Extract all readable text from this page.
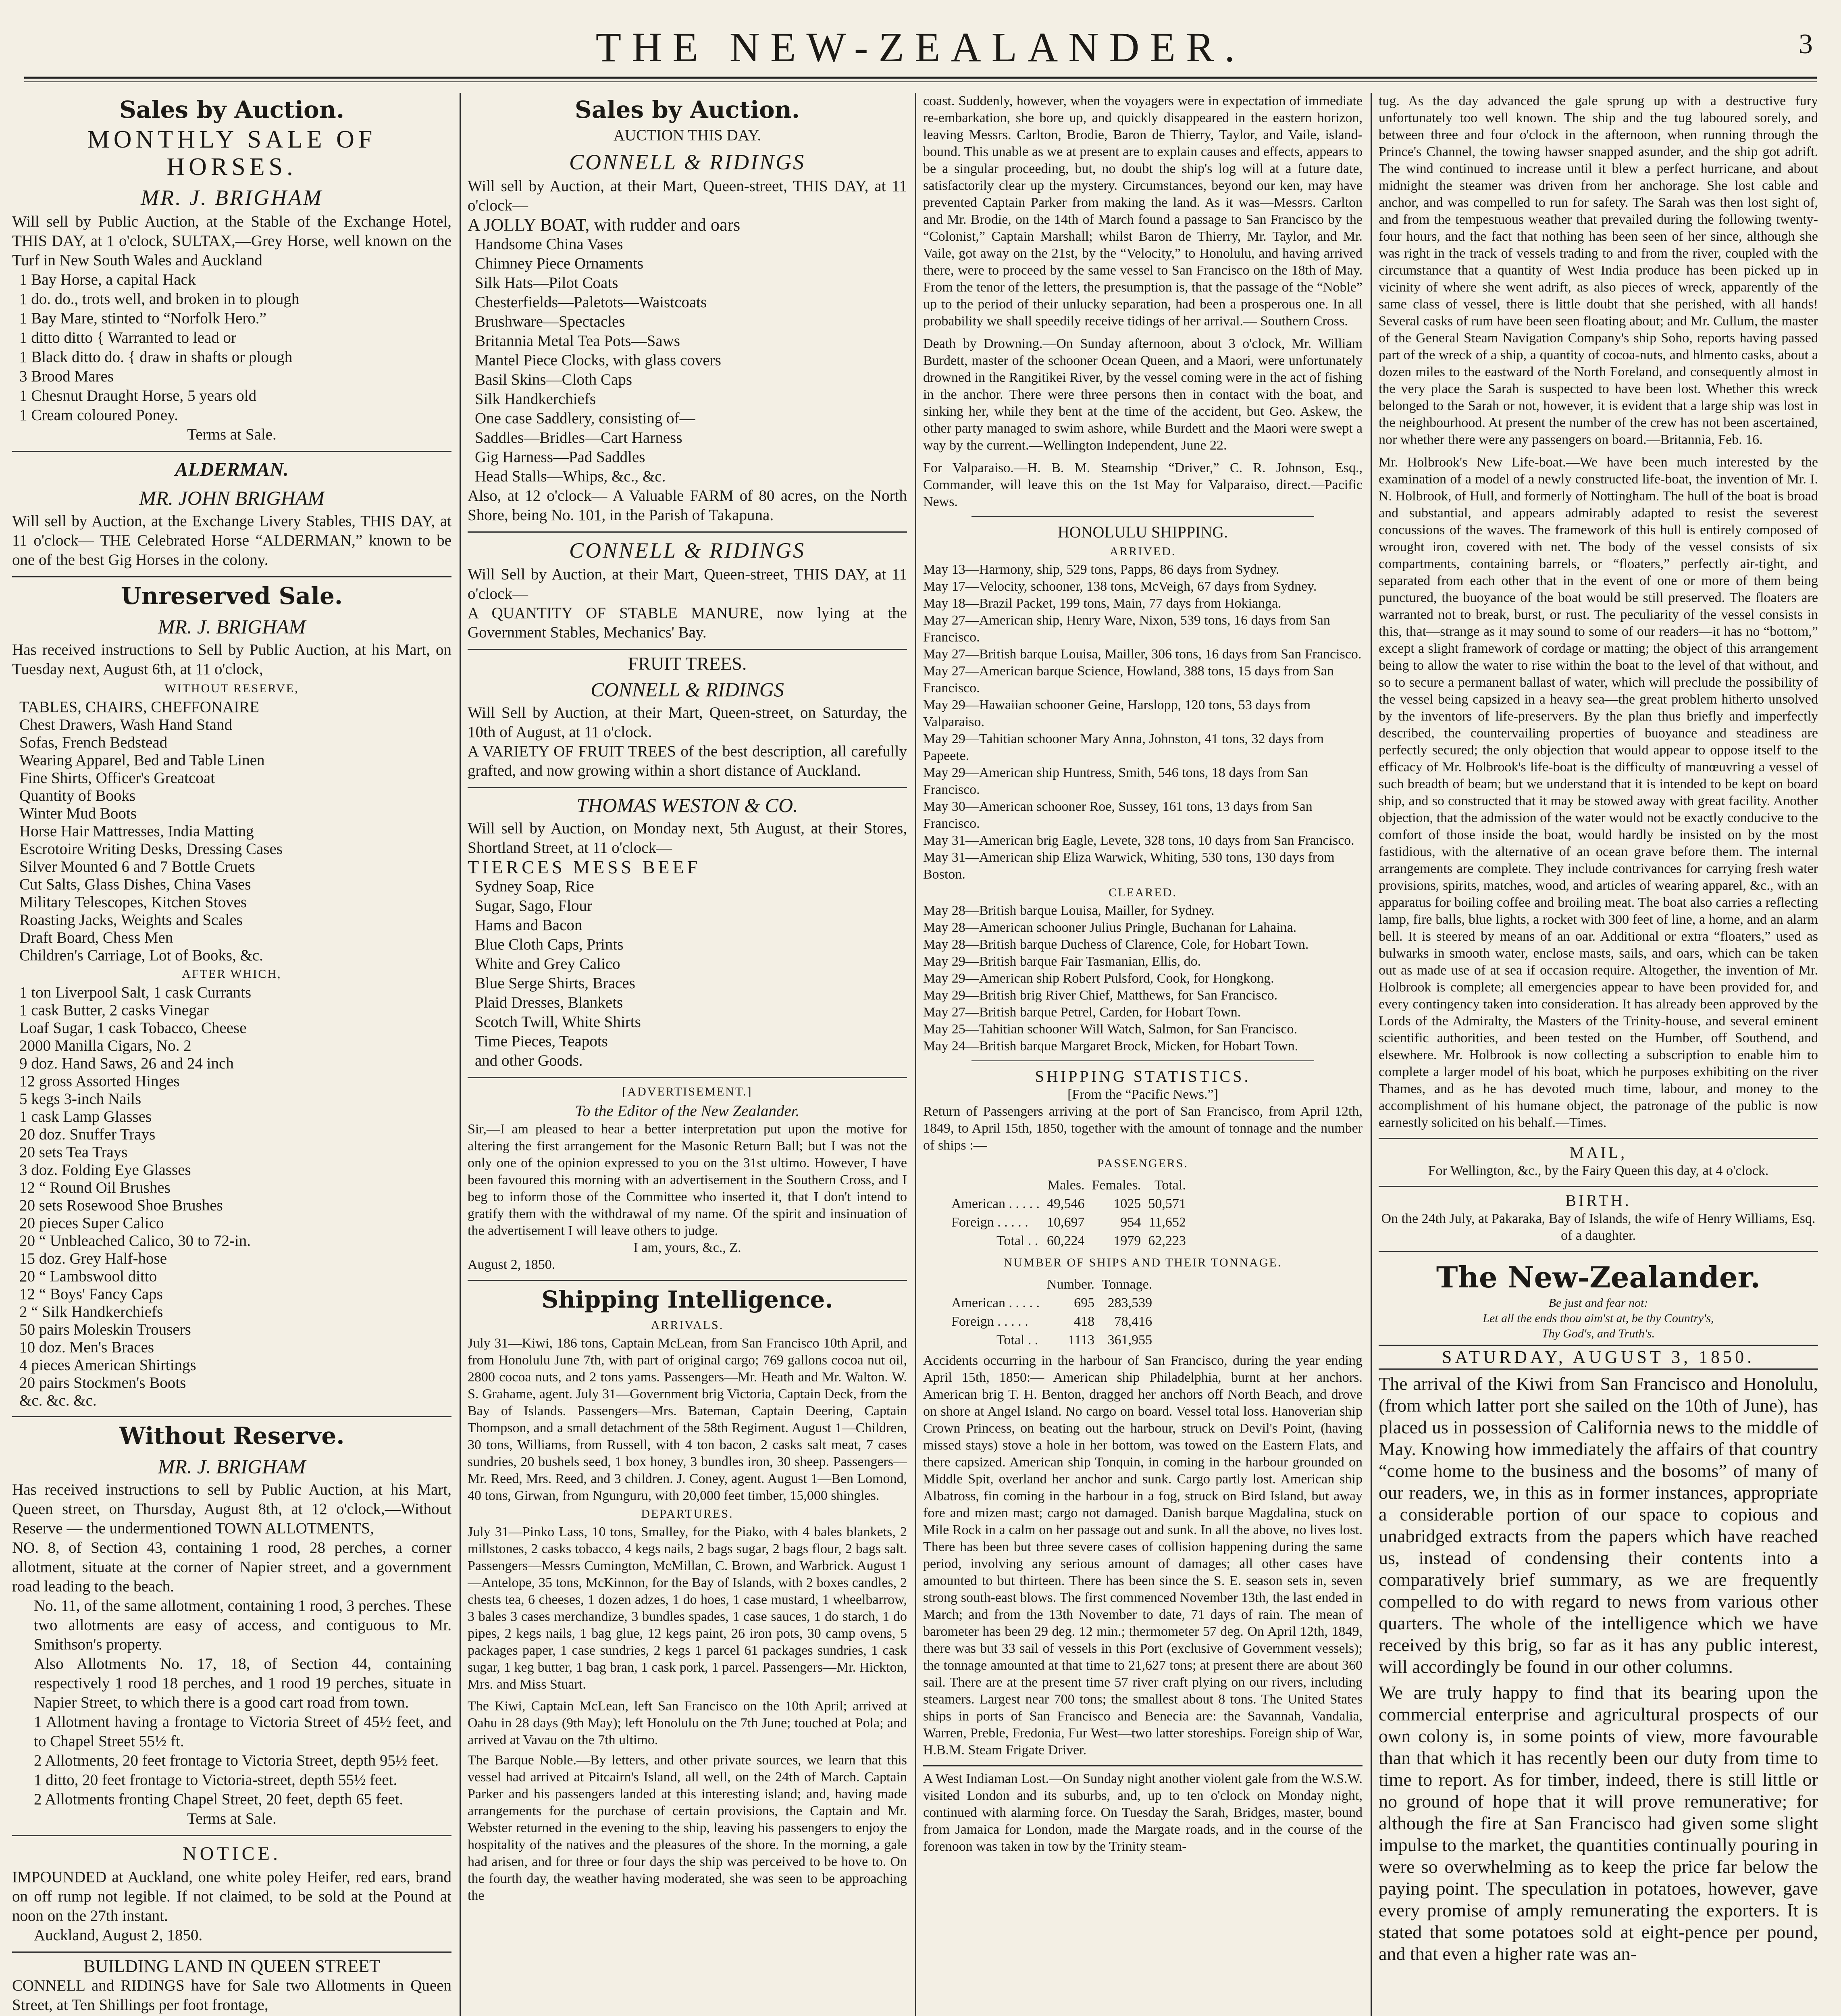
THE NEW-ZEALANDER.	3
Sales by Auction.
MONTHLY SALE OF
HORSES.
MR. J. BRIGHAM

Will sell by Public Auction, at the Stable of the Exchange Hotel, THIS DAY, at 1 o'clock, SULTAX,—Grey Horse, well known on the Turf in New South Wales and Auckland

1 Bay Horse, a capital Hack
1 do. do., trots well, and broken in to plough
1 Bay Mare, stinted to “Norfolk Hero.”
1 ditto ditto { Warranted to lead or
1 Black ditto do. { draw in shafts or plough
3 Brood Mares
1 Chesnut Draught Horse, 5 years old
1 Cream coloured Poney.
Terms at Sale.
ALDERMAN.
MR. JOHN BRIGHAM

Will sell by Auction, at the Exchange Livery Stables, THIS DAY, at 11 o'clock— THE Celebrated Horse “ALDERMAN,” known to be one of the best Gig Horses in the colony.

Unreserved Sale.
MR. J. BRIGHAM

Has received instructions to Sell by Public Auction, at his Mart, on Tuesday next, August 6th, at 11 o'clock,

WITHOUT RESERVE,
TABLES, CHAIRS, CHEFFONAIRE
Chest Drawers, Wash Hand Stand
Sofas, French Bedstead
Wearing Apparel, Bed and Table Linen
Fine Shirts, Officer's Greatcoat
Quantity of Books
Winter Mud Boots
Horse Hair Mattresses, India Matting
Escrotoire Writing Desks, Dressing Cases
Silver Mounted 6 and 7 Bottle Cruets
Cut Salts, Glass Dishes, China Vases
Military Telescopes, Kitchen Stoves
Roasting Jacks, Weights and Scales
Draft Board, Chess Men
Children's Carriage, Lot of Books, &c.
AFTER WHICH,
1 ton Liverpool Salt, 1 cask Currants
1 cask Butter, 2 casks Vinegar
Loaf Sugar, 1 cask Tobacco, Cheese
2000 Manilla Cigars, No. 2
9 doz. Hand Saws, 26 and 24 inch
12 gross Assorted Hinges
5 kegs 3-inch Nails
1 cask Lamp Glasses
20 doz. Snuffer Trays
20 sets Tea Trays
3 doz. Folding Eye Glasses
12 “ Round Oil Brushes
20 sets Rosewood Shoe Brushes
20 pieces Super Calico
20 “ Unbleached Calico, 30 to 72-in.
15 doz. Grey Half-hose
20 “ Lambswool ditto
12 “ Boys' Fancy Caps
2 “ Silk Handkerchiefs
50 pairs Moleskin Trousers
10 doz. Men's Braces
4 pieces American Shirtings
20 pairs Stockmen's Boots
&c. &c. &c.
Without Reserve.
MR. J. BRIGHAM

Has received instructions to sell by Public Auction, at his Mart, Queen street, on Thursday, August 8th, at 12 o'clock,—Without Reserve — the undermentioned TOWN ALLOTMENTS,

NO. 8, of Section 43, containing 1 rood, 28 perches, a corner allotment, situate at the corner of Napier street, and a government road leading to the beach.

No. 11, of the same allotment, containing 1 rood, 3 perches. These two allotments are easy of access, and contiguous to Mr. Smithson's property.

Also Allotments No. 17, 18, of Section 44, containing respectively 1 rood 18 perches, and 1 rood 19 perches, situate in Napier Street, to which there is a good cart road from town.

1 Allotment having a frontage to Victoria Street of 45½ feet, and to Chapel Street 55½ ft.

2 Allotments, 20 feet frontage to Victoria Street, depth 95½ feet.

1 ditto, 20 feet frontage to Victoria-street, depth 55½ feet.

2 Allotments fronting Chapel Street, 20 feet, depth 65 feet.

Terms at Sale.
NOTICE.

IMPOUNDED at Auckland, one white poley Heifer, red ears, brand on off rump not legible. If not claimed, to be sold at the Pound at noon on the 27th instant.

Auckland, August 2, 1850.
BUILDING LAND IN QUEEN STREET

CONNELL and RIDINGS have for Sale two Allotments in Queen Street, at Ten Shillings per foot frontage,

Sales by Auction.
AUCTION THIS DAY.
CONNELL & RIDINGS

Will sell by Auction, at their Mart, Queen-street, THIS DAY, at 11 o'clock—

A JOLLY BOAT, with rudder and oars
Handsome China Vases
Chimney Piece Ornaments
Silk Hats—Pilot Coats
Chesterfields—Paletots—Waistcoats
Brushware—Spectacles
Britannia Metal Tea Pots—Saws
Mantel Piece Clocks, with glass covers
Basil Skins—Cloth Caps
Silk Handkerchiefs
One case Saddlery, consisting of—
Saddles—Bridles—Cart Harness
Gig Harness—Pad Saddles
Head Stalls—Whips, &c., &c.

Also, at 12 o'clock— A Valuable FARM of 80 acres, on the North Shore, being No. 101, in the Parish of Takapuna.

CONNELL & RIDINGS

Will Sell by Auction, at their Mart, Queen-street, THIS DAY, at 11 o'clock—

A QUANTITY OF STABLE MANURE, now lying at the Government Stables, Mechanics' Bay.

FRUIT TREES.
CONNELL & RIDINGS

Will Sell by Auction, at their Mart, Queen-street, on Saturday, the 10th of August, at 11 o'clock.

A VARIETY OF FRUIT TREES of the best description, all carefully grafted, and now growing within a short distance of Auckland.

THOMAS WESTON & CO.

Will sell by Auction, on Monday next, 5th August, at their Stores, Shortland Street, at 11 o'clock—

TIERCES MESS BEEF
Sydney Soap, Rice
Sugar, Sago, Flour
Hams and Bacon
Blue Cloth Caps, Prints
White and Grey Calico
Blue Serge Shirts, Braces
Plaid Dresses, Blankets
Scotch Twill, White Shirts
Time Pieces, Teapots
and other Goods.
[ADVERTISEMENT.]
To the Editor of the New Zealander.

Sir,—I am pleased to hear a better interpretation put upon the motive for altering the first arrangement for the Masonic Return Ball; but I was not the only one of the opinion expressed to you on the 31st ultimo. However, I have been favoured this morning with an advertisement in the Southern Cross, and I beg to inform those of the Committee who inserted it, that I don't intend to gratify them with the withdrawal of my name. Of the spirit and insinuation of the advertisement I will leave others to judge.

I am, yours, &c., Z.
August 2, 1850.
Shipping Intelligence.
ARRIVALS.

July 31—Kiwi, 186 tons, Captain McLean, from San Francisco 10th April, and from Honolulu June 7th, with part of original cargo; 769 gallons cocoa nut oil, 2800 cocoa nuts, and 2 tons yams. Passengers—Mr. Heath and Mr. Walton. W. S. Grahame, agent. July 31—Government brig Victoria, Captain Deck, from the Bay of Islands. Passengers—Mrs. Bateman, Captain Deering, Captain Thompson, and a small detachment of the 58th Regiment. August 1—Children, 30 tons, Williams, from Russell, with 4 ton bacon, 2 casks salt meat, 7 cases sundries, 20 bushels seed, 1 box honey, 3 bundles iron, 30 sheep. Passengers—Mr. Reed, Mrs. Reed, and 3 children. J. Coney, agent. August 1—Ben Lomond, 40 tons, Girwan, from Ngunguru, with 20,000 feet timber, 15,000 shingles.

DEPARTURES.

July 31—Pinko Lass, 10 tons, Smalley, for the Piako, with 4 bales blankets, 2 millstones, 2 casks tobacco, 4 kegs nails, 2 bags sugar, 2 bags flour, 2 bags salt. Passengers—Messrs Cumington, McMillan, C. Brown, and Warbrick. August 1—Antelope, 35 tons, McKinnon, for the Bay of Islands, with 2 boxes candles, 2 chests tea, 6 cheeses, 1 dozen adzes, 1 do hoes, 1 case mustard, 1 wheelbarrow, 3 bales 3 cases merchandize, 3 bundles spades, 1 case sauces, 1 do starch, 1 do pipes, 2 kegs nails, 1 bag glue, 12 kegs paint, 26 iron pots, 30 camp ovens, 5 packages paper, 1 case sundries, 2 kegs 1 parcel 61 packages sundries, 1 cask sugar, 1 keg butter, 1 bag bran, 1 cask pork, 1 parcel. Passengers—Mr. Hickton, Mrs. and Miss Stuart.

The Kiwi, Captain McLean, left San Francisco on the 10th April; arrived at Oahu in 28 days (9th May); left Honolulu on the 7th June; touched at Pola; and arrived at Vavau on the 7th ultimo.

The Barque Noble.—By letters, and other private sources, we learn that this vessel had arrived at Pitcairn's Island, all well, on the 24th of March. Captain Parker and his passengers landed at this interesting island; and, having made arrangements for the purchase of certain provisions, the Captain and Mr. Webster returned in the evening to the ship, leaving his passengers to enjoy the hospitality of the natives and the pleasures of the shore. In the morning, a gale had arisen, and for three or four days the ship was perceived to be hove to. On the fourth day, the weather having moderated, she was seen to be approaching the

coast. Suddenly, however, when the voyagers were in expectation of immediate re-embarkation, she bore up, and quickly disappeared in the eastern horizon, leaving Messrs. Carlton, Brodie, Baron de Thierry, Taylor, and Vaile, island-bound. This unable as we at present are to explain causes and effects, appears to be a singular proceeding, but, no doubt the ship's log will at a future date, satisfactorily clear up the mystery. Circumstances, beyond our ken, may have prevented Captain Parker from making the land. As it was—Messrs. Carlton and Mr. Brodie, on the 14th of March found a passage to San Francisco by the “Colonist,” Captain Marshall; whilst Baron de Thierry, Mr. Taylor, and Mr. Vaile, got away on the 21st, by the “Velocity,” to Honolulu, and having arrived there, were to proceed by the same vessel to San Francisco on the 18th of May. From the tenor of the letters, the presumption is, that the passage of the “Noble” up to the period of their unlucky separation, had been a prosperous one. In all probability we shall speedily receive tidings of her arrival.— Southern Cross.

Death by Drowning.—On Sunday afternoon, about 3 o'clock, Mr. William Burdett, master of the schooner Ocean Queen, and a Maori, were unfortunately drowned in the Rangitikei River, by the vessel coming were in the act of fishing in the anchor. There were three persons then in contact with the boat, and sinking her, while they bent at the time of the accident, but Geo. Askew, the other party managed to swim ashore, while Burdett and the Maori were swept a way by the current.—Wellington Independent, June 22.

For Valparaiso.—H. B. M. Steamship “Driver,” C. R. Johnson, Esq., Commander, will leave this on the 1st May for Valparaiso, direct.—Pacific News.

HONOLULU SHIPPING.
ARRIVED.
May 13—Harmony, ship, 529 tons, Papps, 86 days from Sydney.
May 17—Velocity, schooner, 138 tons, McVeigh, 67 days from Sydney.
May 18—Brazil Packet, 199 tons, Main, 77 days from Hokianga.
May 27—American ship, Henry Ware, Nixon, 539 tons, 16 days from San Francisco.
May 27—British barque Louisa, Mailler, 306 tons, 16 days from San Francisco.
May 27—American barque Science, Howland, 388 tons, 15 days from San Francisco.
May 29—Hawaiian schooner Geine, Harslopp, 120 tons, 53 days from Valparaiso.
May 29—Tahitian schooner Mary Anna, Johnston, 41 tons, 32 days from Papeete.
May 29—American ship Huntress, Smith, 546 tons, 18 days from San Francisco.
May 30—American schooner Roe, Sussey, 161 tons, 13 days from San Francisco.
May 31—American brig Eagle, Levete, 328 tons, 10 days from San Francisco.
May 31—American ship Eliza Warwick, Whiting, 530 tons, 130 days from Boston.
CLEARED.
May 28—British barque Louisa, Mailler, for Sydney.
May 28—American schooner Julius Pringle, Buchanan for Lahaina.
May 28—British barque Duchess of Clarence, Cole, for Hobart Town.
May 29—British barque Fair Tasmanian, Ellis, do.
May 29—American ship Robert Pulsford, Cook, for Hongkong.
May 29—British brig River Chief, Matthews, for San Francisco.
May 27—British barque Petrel, Carden, for Hobart Town.
May 25—Tahitian schooner Will Watch, Salmon, for San Francisco.
May 24—British barque Margaret Brock, Micken, for Hobart Town.
SHIPPING STATISTICS.
[From the “Pacific News.”]

Return of Passengers arriving at the port of San Francisco, from April 12th, 1849, to April 15th, 1850, together with the amount of tonnage and the number of ships :—

PASSENGERS.
	Males.	Females.	Total.
American . . . . .	49,546	1025	50,571
Foreign . . . . .	10,697	954	11,652
Total . .	60,224	1979	62,223
NUMBER OF SHIPS AND THEIR TONNAGE.
	Number.	Tonnage.
American . . . . .	695	283,539
Foreign . . . . .	418	78,416
Total . .	1113	361,955

Accidents occurring in the harbour of San Francisco, during the year ending April 15th, 1850:— American ship Philadelphia, burnt at her anchors. American brig T. H. Benton, dragged her anchors off North Beach, and drove on shore at Angel Island. No cargo on board. Vessel total loss. Hanoverian ship Crown Princess, on beating out the harbour, struck on Devil's Point, (having missed stays) stove a hole in her bottom, was towed on the Eastern Flats, and there capsized. American ship Tonquin, in coming in the harbour grounded on Middle Spit, overland her anchor and sunk. Cargo partly lost. American ship Albatross, fin coming in the harbour in a fog, struck on Bird Island, but away fore and mizen mast; cargo not damaged. Danish barque Magdalina, stuck on Mile Rock in a calm on her passage out and sunk. In all the above, no lives lost. There has been but three severe cases of collision happening during the same period, involving any serious amount of damages; all other cases have amounted to but thirteen. There has been since the S. E. season sets in, seven strong south-east blows. The first commenced November 13th, the last ended in March; and from the 13th November to date, 71 days of rain. The mean of barometer has been 29 deg. 12 min.; thermometer 57 deg. On April 12th, 1849, there was but 33 sail of vessels in this Port (exclusive of Government vessels); the tonnage amounted at that time to 21,627 tons; at present there are about 360 sail. There are at the present time 57 river craft plying on our rivers, including steamers. Largest near 700 tons; the smallest about 8 tons. The United States ships in ports of San Francisco and Benecia are: the Savannah, Vandalia, Warren, Preble, Fredonia, Fur West—two latter storeships. Foreign ship of War, H.B.M. Steam Frigate Driver.

A West Indiaman Lost.—On Sunday night another violent gale from the W.S.W. visited London and its suburbs, and, up to ten o'clock on Monday night, continued with alarming force. On Tuesday the Sarah, Bridges, master, bound from Jamaica for London, made the Margate roads, and in the course of the forenoon was taken in tow by the Trinity steam-

tug. As the day advanced the gale sprung up with a destructive fury unfortunately too well known. The ship and the tug laboured sorely, and between three and four o'clock in the afternoon, when running through the Prince's Channel, the towing hawser snapped asunder, and the ship got adrift. The wind continued to increase until it blew a perfect hurricane, and about midnight the steamer was driven from her anchorage. She lost cable and anchor, and was compelled to run for safety. The Sarah was then lost sight of, and from the tempestuous weather that prevailed during the following twenty-four hours, and the fact that nothing has been seen of her since, although she was right in the track of vessels trading to and from the river, coupled with the circumstance that a quantity of West India produce has been picked up in vicinity of where she went adrift, as also pieces of wreck, apparently of the same class of vessel, there is little doubt that she perished, with all hands! Several casks of rum have been seen floating about; and Mr. Cullum, the master of the General Steam Navigation Company's ship Soho, reports having passed part of the wreck of a ship, a quantity of cocoa-nuts, and hlmento casks, about a dozen miles to the eastward of the North Foreland, and consequently almost in the very place the Sarah is suspected to have been lost. Whether this wreck belonged to the Sarah or not, however, it is evident that a large ship was lost in the neighbourhood. At present the number of the crew has not been ascertained, nor whether there were any passengers on board.—Britannia, Feb. 16.

Mr. Holbrook's New Life-boat.—We have been much interested by the examination of a model of a newly constructed life-boat, the invention of Mr. I. N. Holbrook, of Hull, and formerly of Nottingham. The hull of the boat is broad and substantial, and appears admirably adapted to resist the severest concussions of the waves. The framework of this hull is entirely composed of wrought iron, covered with net. The body of the vessel consists of six compartments, containing barrels, or “floaters,” perfectly air-tight, and separated from each other that in the event of one or more of them being punctured, the buoyance of the boat would be still preserved. The floaters are warranted not to break, burst, or rust. The peculiarity of the vessel consists in this, that—strange as it may sound to some of our readers—it has no “bottom,” except a slight framework of cordage or matting; the object of this arrangement being to allow the water to rise within the boat to the level of that without, and so to secure a permanent ballast of water, which will preclude the possibility of the vessel being capsized in a heavy sea—the great problem hitherto unsolved by the inventors of life-preservers. By the plan thus briefly and imperfectly described, the countervailing properties of buoyance and steadiness are perfectly secured; the only objection that would appear to oppose itself to the efficacy of Mr. Holbrook's life-boat is the difficulty of manœuvring a vessel of such breadth of beam; but we understand that it is intended to be kept on board ship, and so constructed that it may be stowed away with great facility. Another objection, that the admission of the water would not be exactly conducive to the comfort of those inside the boat, would hardly be insisted on by the most fastidious, with the alternative of an ocean grave before them. The internal arrangements are complete. They include contrivances for carrying fresh water provisions, spirits, matches, wood, and articles of wearing apparel, &c., with an apparatus for boiling coffee and broiling meat. The boat also carries a reflecting lamp, fire balls, blue lights, a rocket with 300 feet of line, a horne, and an alarm bell. It is steered by means of an oar. Additional or extra “floaters,” used as bulwarks in smooth water, enclose masts, sails, and oars, which can be taken out as made use of at sea if occasion require. Altogether, the invention of Mr. Holbrook is complete; all emergencies appear to have been provided for, and every contingency taken into consideration. It has already been approved by the Lords of the Admiralty, the Masters of the Trinity-house, and several eminent scientific authorities, and been tested on the Humber, off Southend, and elsewhere. Mr. Holbrook is now collecting a subscription to enable him to complete a larger model of his boat, which he purposes exhibiting on the river Thames, and as he has devoted much time, labour, and money to the accomplishment of his humane object, the patronage of the public is now earnestly solicited on his behalf.—Times.

MAIL,
For Wellington, &c., by the Fairy Queen this day, at 4 o'clock.
BIRTH.
On the 24th July, at Pakaraka, Bay of Islands, the wife of Henry Williams, Esq. of a daughter.
The New-Zealander.
Be just and fear not:
Let all the ends thou aim'st at, be thy Country's,
Thy God's, and Truth's.
SATURDAY, AUGUST 3, 1850.

The arrival of the Kiwi from San Francisco and Honolulu, (from which latter port she sailed on the 10th of June), has placed us in possession of California news to the middle of May. Knowing how immediately the affairs of that country “come home to the business and the bosoms” of many of our readers, we, in this as in former instances, appropriate a considerable portion of our space to copious and unabridged extracts from the papers which have reached us, instead of condensing their contents into a comparatively brief summary, as we are frequently compelled to do with regard to news from various other quarters. The whole of the intelligence which we have received by this brig, so far as it has any public interest, will accordingly be found in our other columns.

We are truly happy to find that its bearing upon the commercial enterprise and agricultural prospects of our own colony is, in some points of view, more favourable than that which it has recently been our duty from time to time to report. As for timber, indeed, there is still little or no ground of hope that it will prove remunerative; for although the fire at San Francisco had given some slight impulse to the market, the quantities continually pouring in were so overwhelming as to keep the price far below the paying point. The speculation in potatoes, however, gave every promise of amply remunerating the exporters. It is stated that some potatoes sold at eight-pence per pound, and that even a higher rate was an-
